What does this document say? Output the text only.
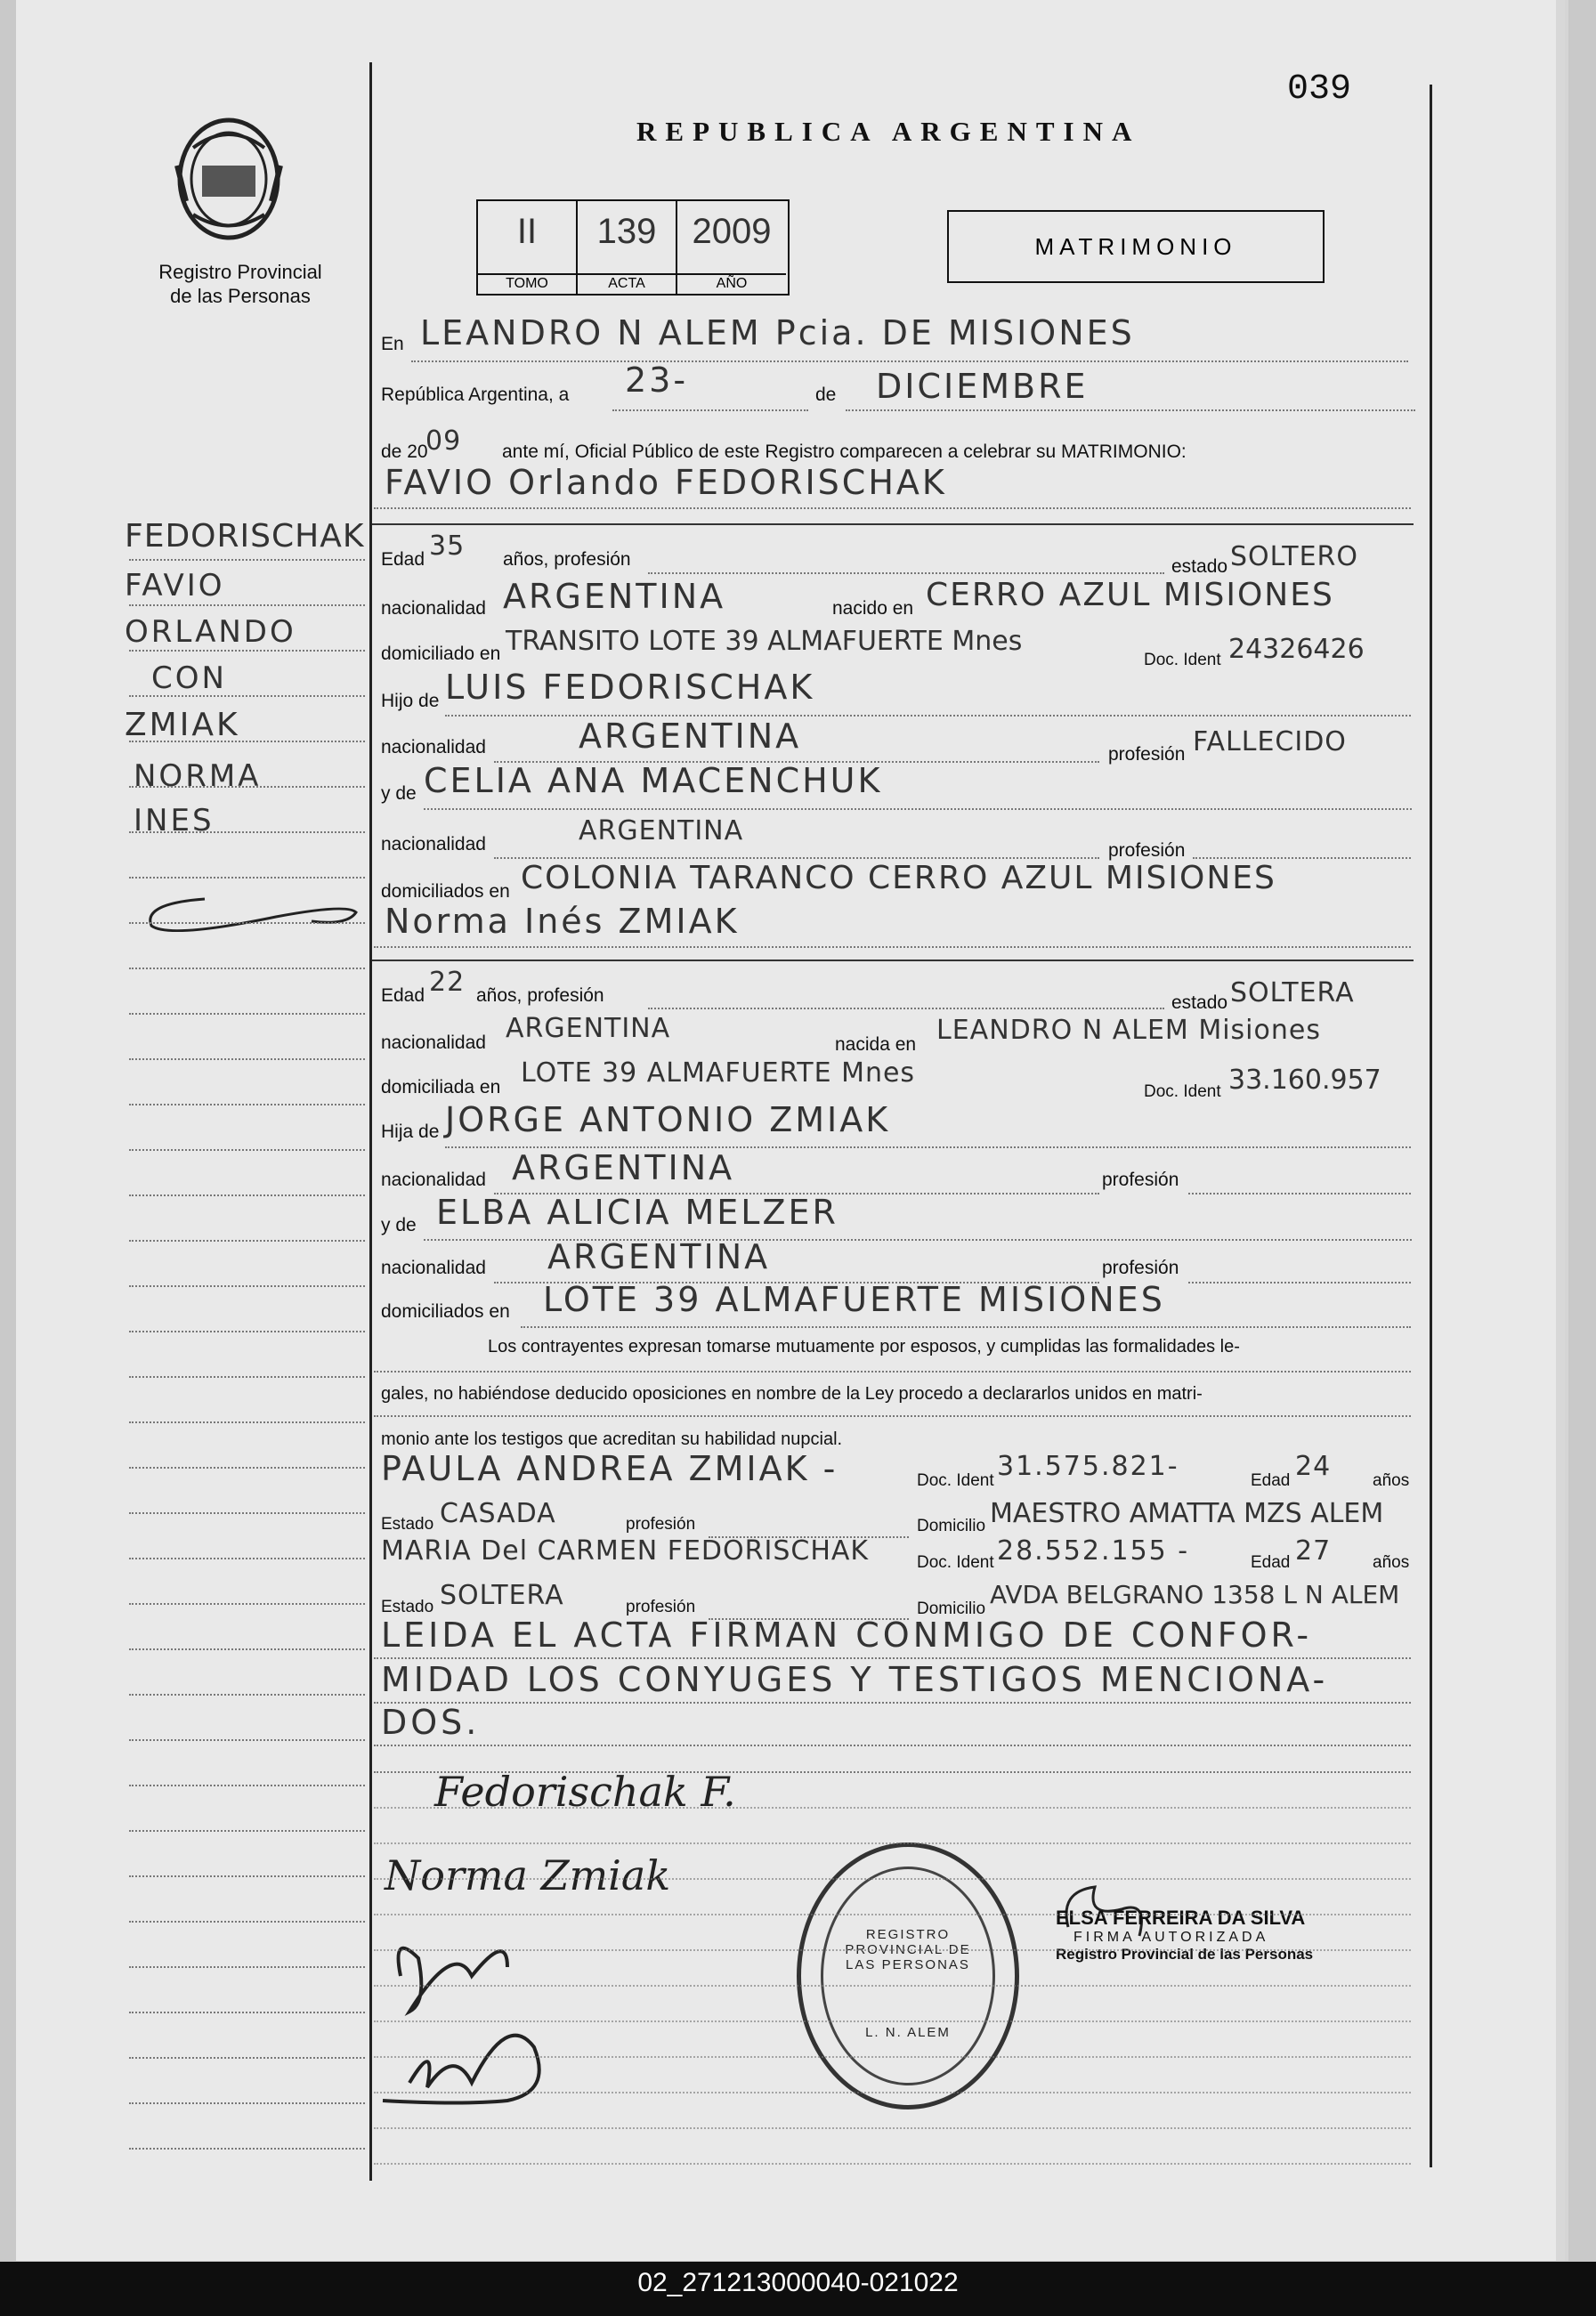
039
REPUBLICA ARGENTINA
Registro Provincial
de las Personas
II
TOMO
139
ACTA
2009
AÑO
MATRIMONIO
En LEANDRO N ALEM Pcia. DE MISIONES
República Argentina, a 23-	de DICIEMBRE
de 20
09 ante mí, Oficial Público de este Registro comparecen a celebrar su MATRIMONIO:
FAVIO Orlando FEDORISCHAK
FEDORISCHAK
FAVIO
ORLANDO
CON
ZMIAK
NORMA
INES
Edad 35 años, profesión	estado SOLTERO
nacionalidad ARGENTINA	nacido en CERRO AZUL MISIONES
domiciliado en TRANSITO LOTE 39 ALMAFUERTE Mnes
Doc. Ident 24326426
Hijo de LUIS FEDORISCHAK
nacionalidad	ARGENTINA	profesión FALLECIDO
y de CELIA ANA MACENCHUK
nacionalidad	ARGENTINA
profesión
domiciliados en COLONIA TARANCO CERRO AZUL MISIONES
Norma Inés ZMIAK
Edad 22 años, profesión	estado SOLTERA
nacionalidad ARGENTINA
nacida en LEANDRO N ALEM Misiones
domiciliada en LOTE 39 ALMAFUERTE Mnes
Doc. Ident 33.160.957
Hija de JORGE ANTONIO ZMIAK
nacionalidad ARGENTINA	profesión
y de ELBA ALICIA MELZER
nacionalidad ARGENTINA	profesión
domiciliados en LOTE 39 ALMAFUERTE MISIONES
Los contrayentes expresan tomarse mutuamente por esposos, y cumplidas las formalidades le-
gales, no habiéndose deducido oposiciones en nombre de la Ley procedo a declararlos unidos en matri-
monio ante los testigos que acreditan su habilidad nupcial.
PAULA ANDREA ZMIAK -	Doc. Ident 31.575.821-	Edad 24 años
Estado CASADA	profesión	Domicilio MAESTRO AMATTA MZS ALEM
MARIA Del CARMEN FEDORISCHAK	Doc. Ident 28.552.155 -	Edad 27 años
Estado SOLTERA	profesión	Domicilio AVDA BELGRANO 1358 L N ALEM
LEIDA EL ACTA FIRMAN CONMIGO DE CONFOR-
MIDAD LOS CONYUGES Y TESTIGOS MENCIONA-
DOS.
Fedorischak F.
Norma Zmiak
REGISTRO PROVINCIAL DE LAS PERSONAS
L. N. ALEM
ELSA FERREIRA DA SILVA
FIRMA AUTORIZADA
Registro Provincial de las Personas
02_271213000040-021022
